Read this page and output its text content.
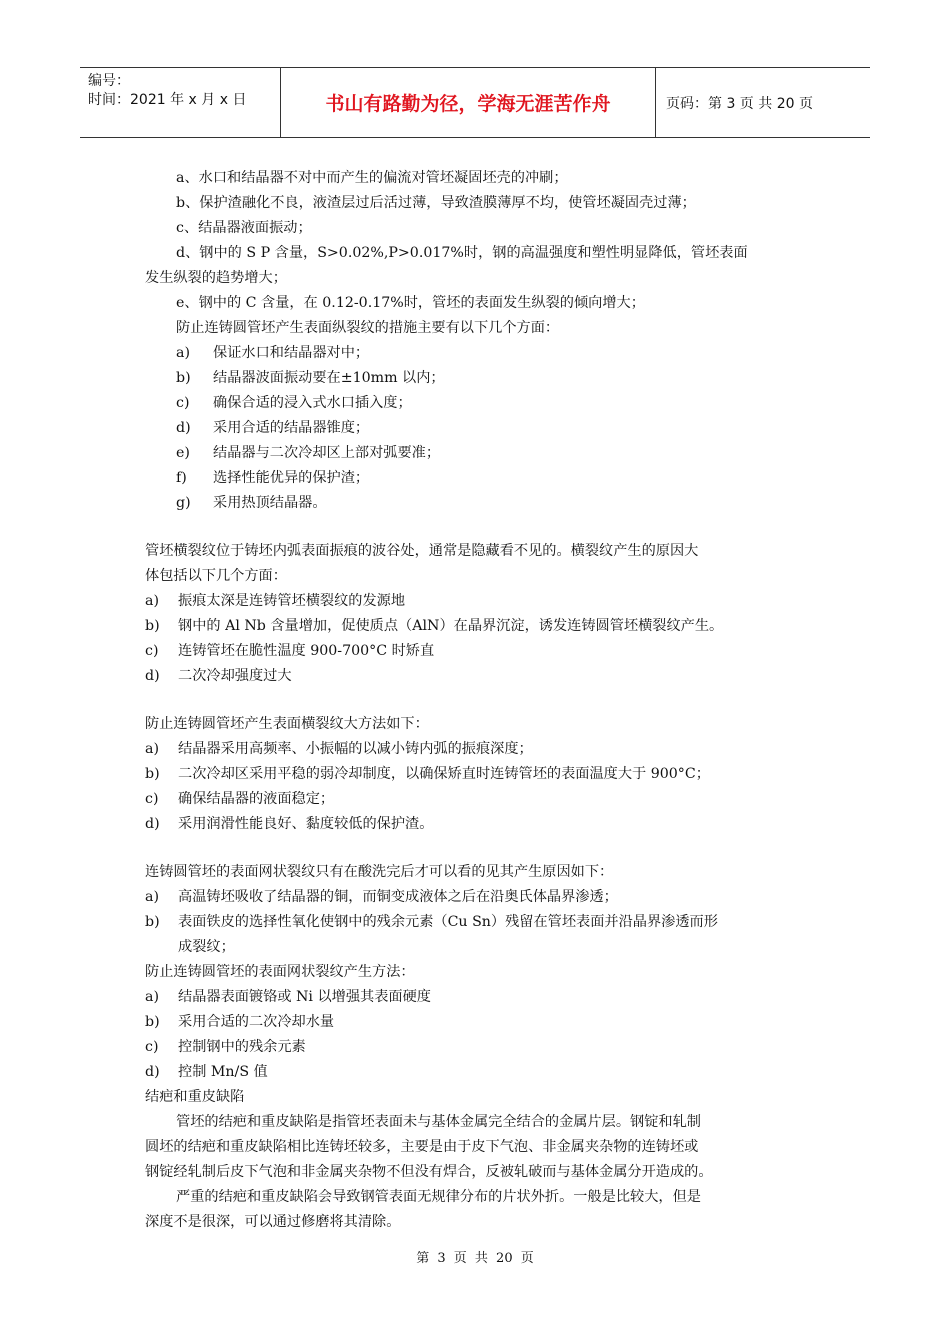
编号：
时间：2021 年 x 月 x 日	书山有路勤为径，学海无涯苦作舟	页码：第 3 页 共 20 页
a、水口和结晶器不对中而产生的偏流对管坯凝固坯壳的冲刷；
b、保护渣融化不良，液渣层过后活过薄，导致渣膜薄厚不均，使管坯凝固壳过薄；
c、结晶器液面振动；
d、钢中的 S P 含量，S>0.02%,P>0.017%时，钢的高温强度和塑性明显降低，管坯表面
发生纵裂的趋势增大；
e、钢中的 C 含量，在 0.12-0.17%时，管坯的表面发生纵裂的倾向增大；
防止连铸圆管坯产生表面纵裂纹的措施主要有以下几个方面：
a)	保证水口和结晶器对中；
b)	结晶器波面振动要在±10mm 以内；
c)	确保合适的浸入式水口插入度；
d)	采用合适的结晶器锥度；
e)	结晶器与二次冷却区上部对弧要准；
f)	选择性能优异的保护渣；
g)	采用热顶结晶器。
管坯横裂纹位于铸坯内弧表面振痕的波谷处，通常是隐藏看不见的。横裂纹产生的原因大
体包括以下几个方面：
a)	振痕太深是连铸管坯横裂纹的发源地
b)	钢中的 Al Nb 含量增加，促使质点（AlN）在晶界沉淀，诱发连铸圆管坯横裂纹产生。
c)	连铸管坯在脆性温度 900-700°C 时矫直
d)	二次冷却强度过大
防止连铸圆管坯产生表面横裂纹大方法如下：
a)	结晶器采用高频率、小振幅的以减小铸内弧的振痕深度；
b)	二次冷却区采用平稳的弱冷却制度，以确保矫直时连铸管坯的表面温度大于 900°C；
c)	确保结晶器的液面稳定；
d)	采用润滑性能良好、黏度较低的保护渣。
连铸圆管坯的表面网状裂纹只有在酸洗完后才可以看的见其产生原因如下：
a)	高温铸坯吸收了结晶器的铜，而铜变成液体之后在沿奥氏体晶界渗透；
b)	表面铁皮的选择性氧化使钢中的残余元素（Cu Sn）残留在管坯表面并沿晶界渗透而形
成裂纹；
防止连铸圆管坯的表面网状裂纹产生方法：
a)	结晶器表面镀铬或 Ni 以增强其表面硬度
b)	采用合适的二次冷却水量
c)	控制钢中的残余元素
d)	控制 Mn/S 值
结疤和重皮缺陷
管坯的结疤和重皮缺陷是指管坯表面未与基体金属完全结合的金属片层。钢锭和轧制
圆坯的结疤和重皮缺陷相比连铸坯较多，主要是由于皮下气泡、非金属夹杂物的连铸坯或
钢锭经轧制后皮下气泡和非金属夹杂物不但没有焊合，反被轧破而与基体金属分开造成的。
严重的结疤和重皮缺陷会导致钢管表面无规律分布的片状外折。一般是比较大，但是
深度不是很深，可以通过修磨将其清除。
第 3 页 共 20 页
